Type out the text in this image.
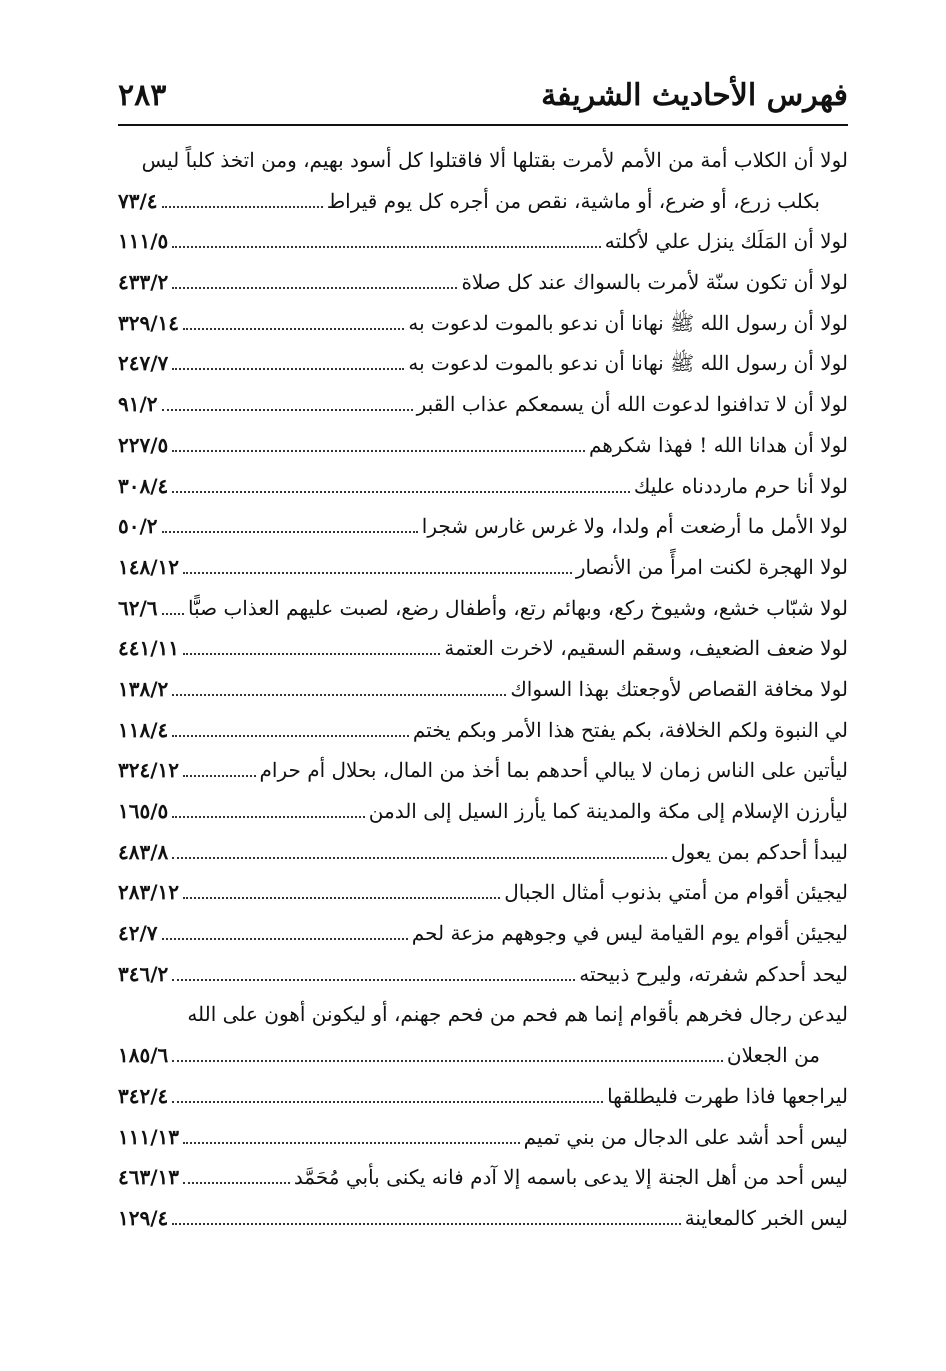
فهرس الأحاديث الشريفة
٢٨٣
لولا أن الكلاب أمة من الأمم لأمرت بقتلها ألا فاقتلوا كل أسود بهيم، ومن اتخذ كلباً ليس
بكلب زرع، أو ضرع، أو ماشية، نقص من أجره كل يوم قيراط
٧٣/٤
لولا أن المَلَك ينزل علي لأكلته
١١١/٥
لولا أن تكون سنّة لأمرت بالسواك عند كل صلاة
٤٣٣/٢
لولا أن رسول الله ﷺ نهانا أن ندعو بالموت لدعوت به
٣٢٩/١٤
لولا أن رسول الله ﷺ نهانا أن ندعو بالموت لدعوت به
٢٤٧/٧
لولا أن لا تدافنوا لدعوت الله أن يسمعكم عذاب القبر
٩١/٢
لولا أن هدانا الله ! فهذا شكرهم
٢٢٧/٥
لولا أنا حرم مارددناه عليك
٣٠٨/٤
لولا الأمل ما أرضعت أم ولدا، ولا غرس غارس شجرا
٥٠/٢
لولا الهجرة لكنت امرأً من الأنصار
١٤٨/١٢
لولا شبّاب خشع، وشيوخ ركع، وبهائم رتع، وأطفال رضع، لصبت عليهم العذاب صبًّا
٦٢/٦
لولا ضعف الضعيف، وسقم السقيم، لاخرت العتمة
٤٤١/١١
لولا مخافة القصاص لأوجعتك بهذا السواك
١٣٨/٢
لي النبوة ولكم الخلافة، بكم يفتح هذا الأمر وبكم يختم
١١٨/٤
ليأتين على الناس زمان لا يبالي أحدهم بما أخذ من المال، بحلال أم حرام
٣٢٤/١٢
ليأرزن الإسلام إلى مكة والمدينة كما يأرز السيل إلى الدمن
١٦٥/٥
ليبدأ أحدكم بمن يعول
٤٨٣/٨
ليجيئن أقوام من أمتي بذنوب أمثال الجبال
٢٨٣/١٢
ليجيئن أقوام يوم القيامة ليس في وجوههم مزعة لحم
٤٢/٧
ليحد أحدكم شفرته، وليرح ذبيحته
٣٤٦/٢
ليدعن رجال فخرهم بأقوام إنما هم فحم من فحم جهنم، أو ليكونن أهون على الله
من الجعلان
١٨٥/٦
ليراجعها فاذا طهرت فليطلقها
٣٤٢/٤
ليس أحد أشد على الدجال من بني تميم
١١١/١٣
ليس أحد من أهل الجنة إلا يدعى باسمه إلا آدم فانه يكنى بأبي مُحَمَّد
٤٦٣/١٣
ليس الخبر كالمعاينة
١٢٩/٤
